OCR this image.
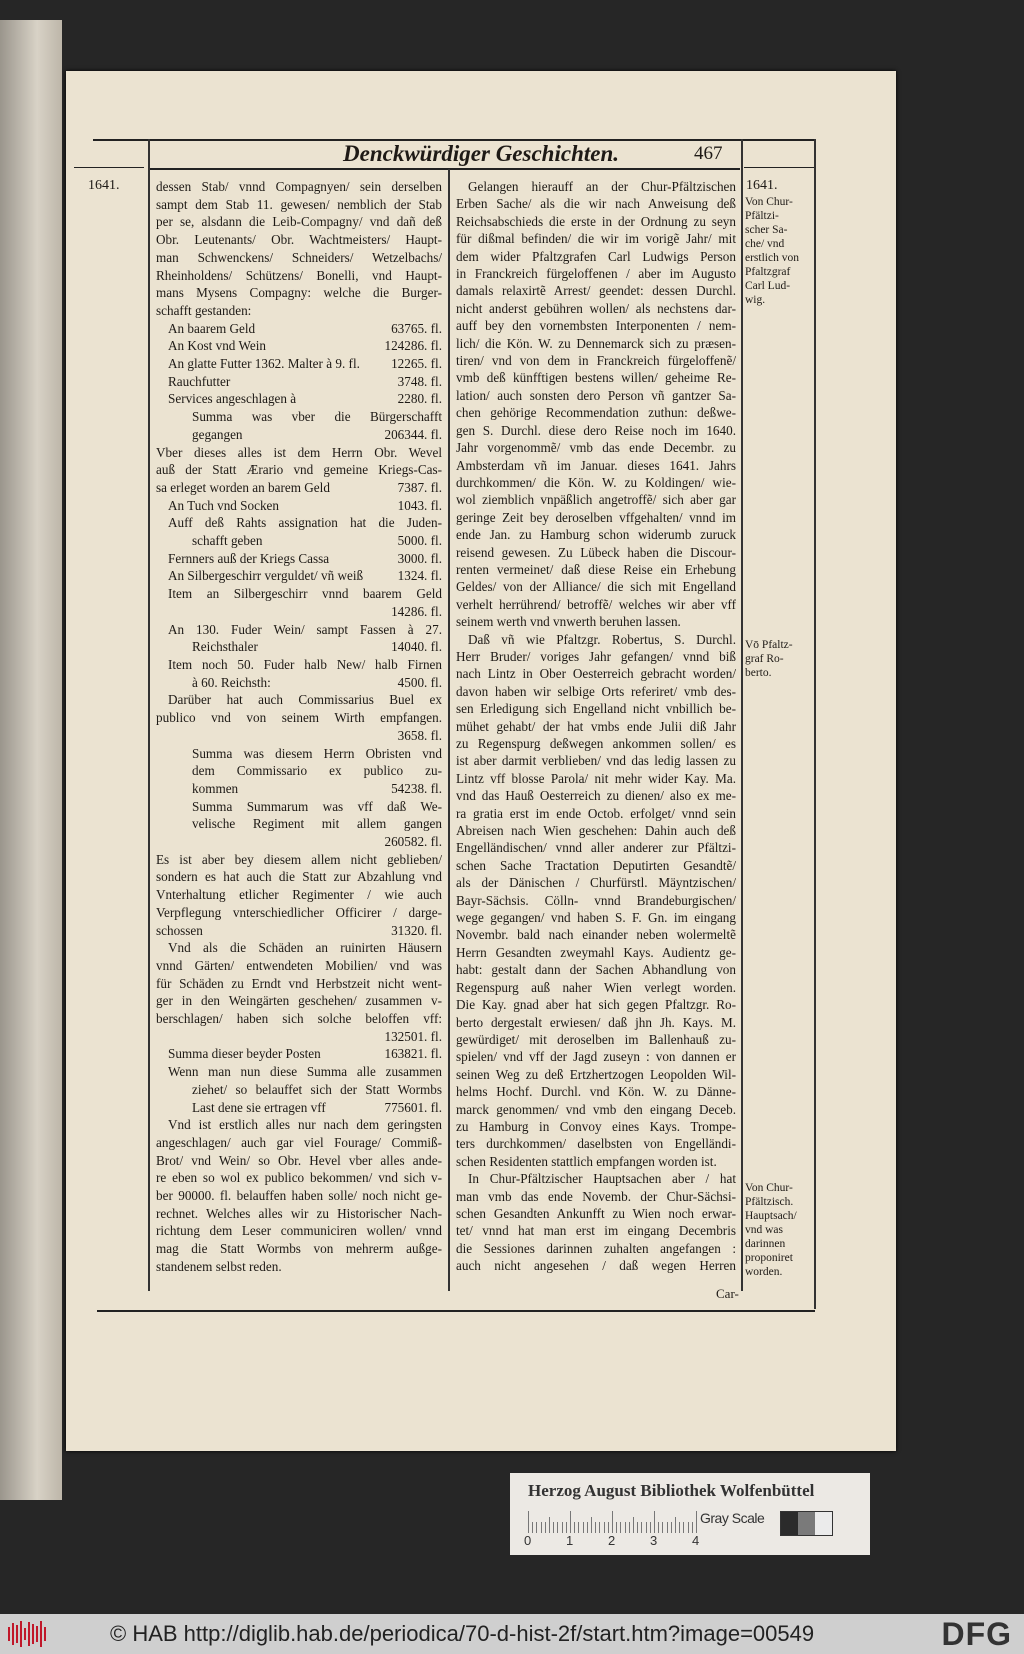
Denckwürdiger Geschichten.	467
1641.	1641.
Von Chur-
Pfältzi-
scher Sa-
che/ vnd
erstlich von
Pfaltzgraf
Carl Lud-
wig.
Vō Pfaltz-
graf Ro-
berto.
Von Chur-
Pfältzisch.
Hauptsach/
vnd was
darinnen
proponiret
worden.
dessen Stab/ vnnd Compagnyen/ sein derselben
sampt dem Stab 11. gewesen/ nemblich der Stab
per se, alsdann die Leib-Compagny/ vnd dañ deß
Obr. Leutenants/ Obr. Wachtmeisters/ Haupt-
man Schwenckens/ Schneiders/ Wetzelbachs/
Rheinholdens/ Schützens/ Bonelli, vnd Haupt-
mans Mysens Compagny: welche die Burger-
schafft gestanden:
An baarem Geld	63765. fl.
An Kost vnd Wein	124286. fl.
An glatte Futter 1362. Malter à 9. fl. 12265. fl.
Rauchfutter	3748. fl.
Services angeschlagen à	2280. fl.
Summa was vber die Bürgerschafft
gegangen	206344. fl.
Vber dieses alles ist dem Herrn Obr. Wevel
auß der Statt Ærario vnd gemeine Kriegs-Cas-
sa erleget worden an barem Geld	7387. fl.
An Tuch vnd Socken	1043. fl.
Auff deß Rahts assignation hat die Juden-
schafft geben	5000. fl.
Fernners auß der Kriegs Cassa	3000. fl.
An Silbergeschirr verguldet/ vñ weiß	1324. fl.
Item an Silbergeschirr vnnd baarem Geld
14286. fl.
An 130. Fuder Wein/ sampt Fassen à 27.
Reichsthaler	14040. fl.
Item noch 50. Fuder halb New/ halb Firnen
à 60. Reichsth:	4500. fl.
Darüber hat auch Commissarius Buel ex
publico vnd von seinem Wirth empfangen.
3658. fl.
Summa was diesem Herrn Obristen vnd
dem Commissario ex publico zu-
kommen	54238. fl.
Summa Summarum was vff daß We-
velische Regiment mit allem gangen
260582. fl.
Es ist aber bey diesem allem nicht geblieben/
sondern es hat auch die Statt zur Abzahlung vnd
Vnterhaltung etlicher Regimenter / wie auch
Verpflegung vnterschiedlicher Officirer / darge-
schossen	31320. fl.
Vnd als die Schäden an ruinirten Häusern
vnnd Gärten/ entwendeten Mobilien/ vnd was
für Schäden zu Erndt vnd Herbstzeit nicht went-
ger in den Weingärten geschehen/ zusammen v-
berschlagen/ haben sich solche beloffen vff:
132501. fl.
Summa dieser beyder Posten	163821. fl.
Wenn man nun diese Summa alle zusammen
ziehet/ so belauffet sich der Statt Wormbs
Last dene sie ertragen vff	775601. fl.
Vnd ist erstlich alles nur nach dem geringsten
angeschlagen/ auch gar viel Fourage/ Commiß-
Brot/ vnd Wein/ so Obr. Hevel vber alles ande-
re eben so wol ex publico bekommen/ vnd sich v-
ber 90000. fl. belauffen haben solle/ noch nicht ge-
rechnet. Welches alles wir zu Historischer Nach-
richtung dem Leser communiciren wollen/ vnnd
mag die Statt Wormbs von mehrerm außge-
standenem selbst reden.
Gelangen hierauff an der Chur-Pfältzischen
Erben Sache/ als die wir nach Anweisung deß
Reichsabschieds die erste in der Ordnung zu seyn
für dißmal befinden/ die wir im vorigẽ Jahr/ mit
dem wider Pfaltzgrafen Carl Ludwigs Person
in Franckreich fürgeloffenen / aber im Augusto
damals relaxirtẽ Arrest/ geendet: dessen Durchl.
nicht anderst gebühren wollen/ als nechstens dar-
auff bey den vornembsten Interponenten / nem-
lich/ die Kön. W. zu Dennemarck sich zu præsen-
tiren/ vnd von dem in Franckreich fürgeloffenẽ/
vmb deß künfftigen bestens willen/ geheime Re-
lation/ auch sonsten dero Person vñ gantzer Sa-
chen gehörige Recommendation zuthun: deßwe-
gen S. Durchl. diese dero Reise noch im 1640.
Jahr vorgenommẽ/ vmb das ende Decembr. zu
Ambsterdam vñ im Januar. dieses 1641. Jahrs
durchkommen/ die Kön. W. zu Koldingen/ wie-
wol ziemblich vnpäßlich angetroffẽ/ sich aber gar
geringe Zeit bey deroselben vffgehalten/ vnnd im
ende Jan. zu Hamburg schon widerumb zuruck
reisend gewesen. Zu Lübeck haben die Discour-
renten vermeinet/ daß diese Reise ein Erhebung
Geldes/ von der Alliance/ die sich mit Engelland
verhelt herrührend/ betroffẽ/ welches wir aber vff
seinem werth vnd vnwerth beruhen lassen.
Daß vñ wie Pfaltzgr. Robertus, S. Durchl.
Herr Bruder/ voriges Jahr gefangen/ vnnd biß
nach Lintz in Ober Oesterreich gebracht worden/
davon haben wir selbige Orts referiret/ vmb des-
sen Erledigung sich Engelland nicht vnbillich be-
mühet gehabt/ der hat vmbs ende Julii diß Jahr
zu Regenspurg deßwegen ankommen sollen/ es
ist aber darmit verblieben/ vnd das ledig lassen zu
Lintz vff blosse Parola/ nit mehr wider Kay. Ma.
vnd das Hauß Oesterreich zu dienen/ also ex me-
ra gratia erst im ende Octob. erfolget/ vnnd sein
Abreisen nach Wien geschehen: Dahin auch deß
Engelländischen/ vnnd aller anderer zur Pfältzi-
schen Sache Tractation Deputirten Gesandtẽ/
als der Dänischen / Churfürstl. Mäyntzischen/
Bayr-Sächsis. Cölln- vnnd Brandeburgischen/
wege gegangen/ vnd haben S. F. Gn. im eingang
Novembr. bald nach einander neben wolermeltẽ
Herrn Gesandten zweymahl Kays. Audientz ge-
habt: gestalt dann der Sachen Abhandlung von
Regenspurg auß naher Wien verlegt worden.
Die Kay. gnad aber hat sich gegen Pfaltzgr. Ro-
berto dergestalt erwiesen/ daß jhn Jh. Kays. M.
gewürdiget/ mit deroselben im Ballenhauß zu-
spielen/ vnd vff der Jagd zuseyn : von dannen er
seinen Weg zu deß Ertzhertzogen Leopolden Wil-
helms Hochf. Durchl. vnd Kön. W. zu Dänne-
marck genommen/ vnd vmb den eingang Deceb.
zu Hamburg in Convoy eines Kays. Trompe-
ters durchkommen/ daselbsten von Engelländi-
schen Residenten stattlich empfangen worden ist.
In Chur-Pfältzischer Hauptsachen aber / hat
man vmb das ende Novemb. der Chur-Sächsi-
schen Gesandten Ankunfft zu Wien noch erwar-
tet/ vnnd hat man erst im eingang Decembris
die Sessiones darinnen zuhalten angefangen :
auch nicht angesehen / daß wegen Herren
Car-
Herzog August Bibliothek Wolfenbüttel
Gray Scale
0	1	2	3	4
© HAB http://diglib.hab.de/periodica/70-d-hist-2f/start.htm?image=00549	DFG
